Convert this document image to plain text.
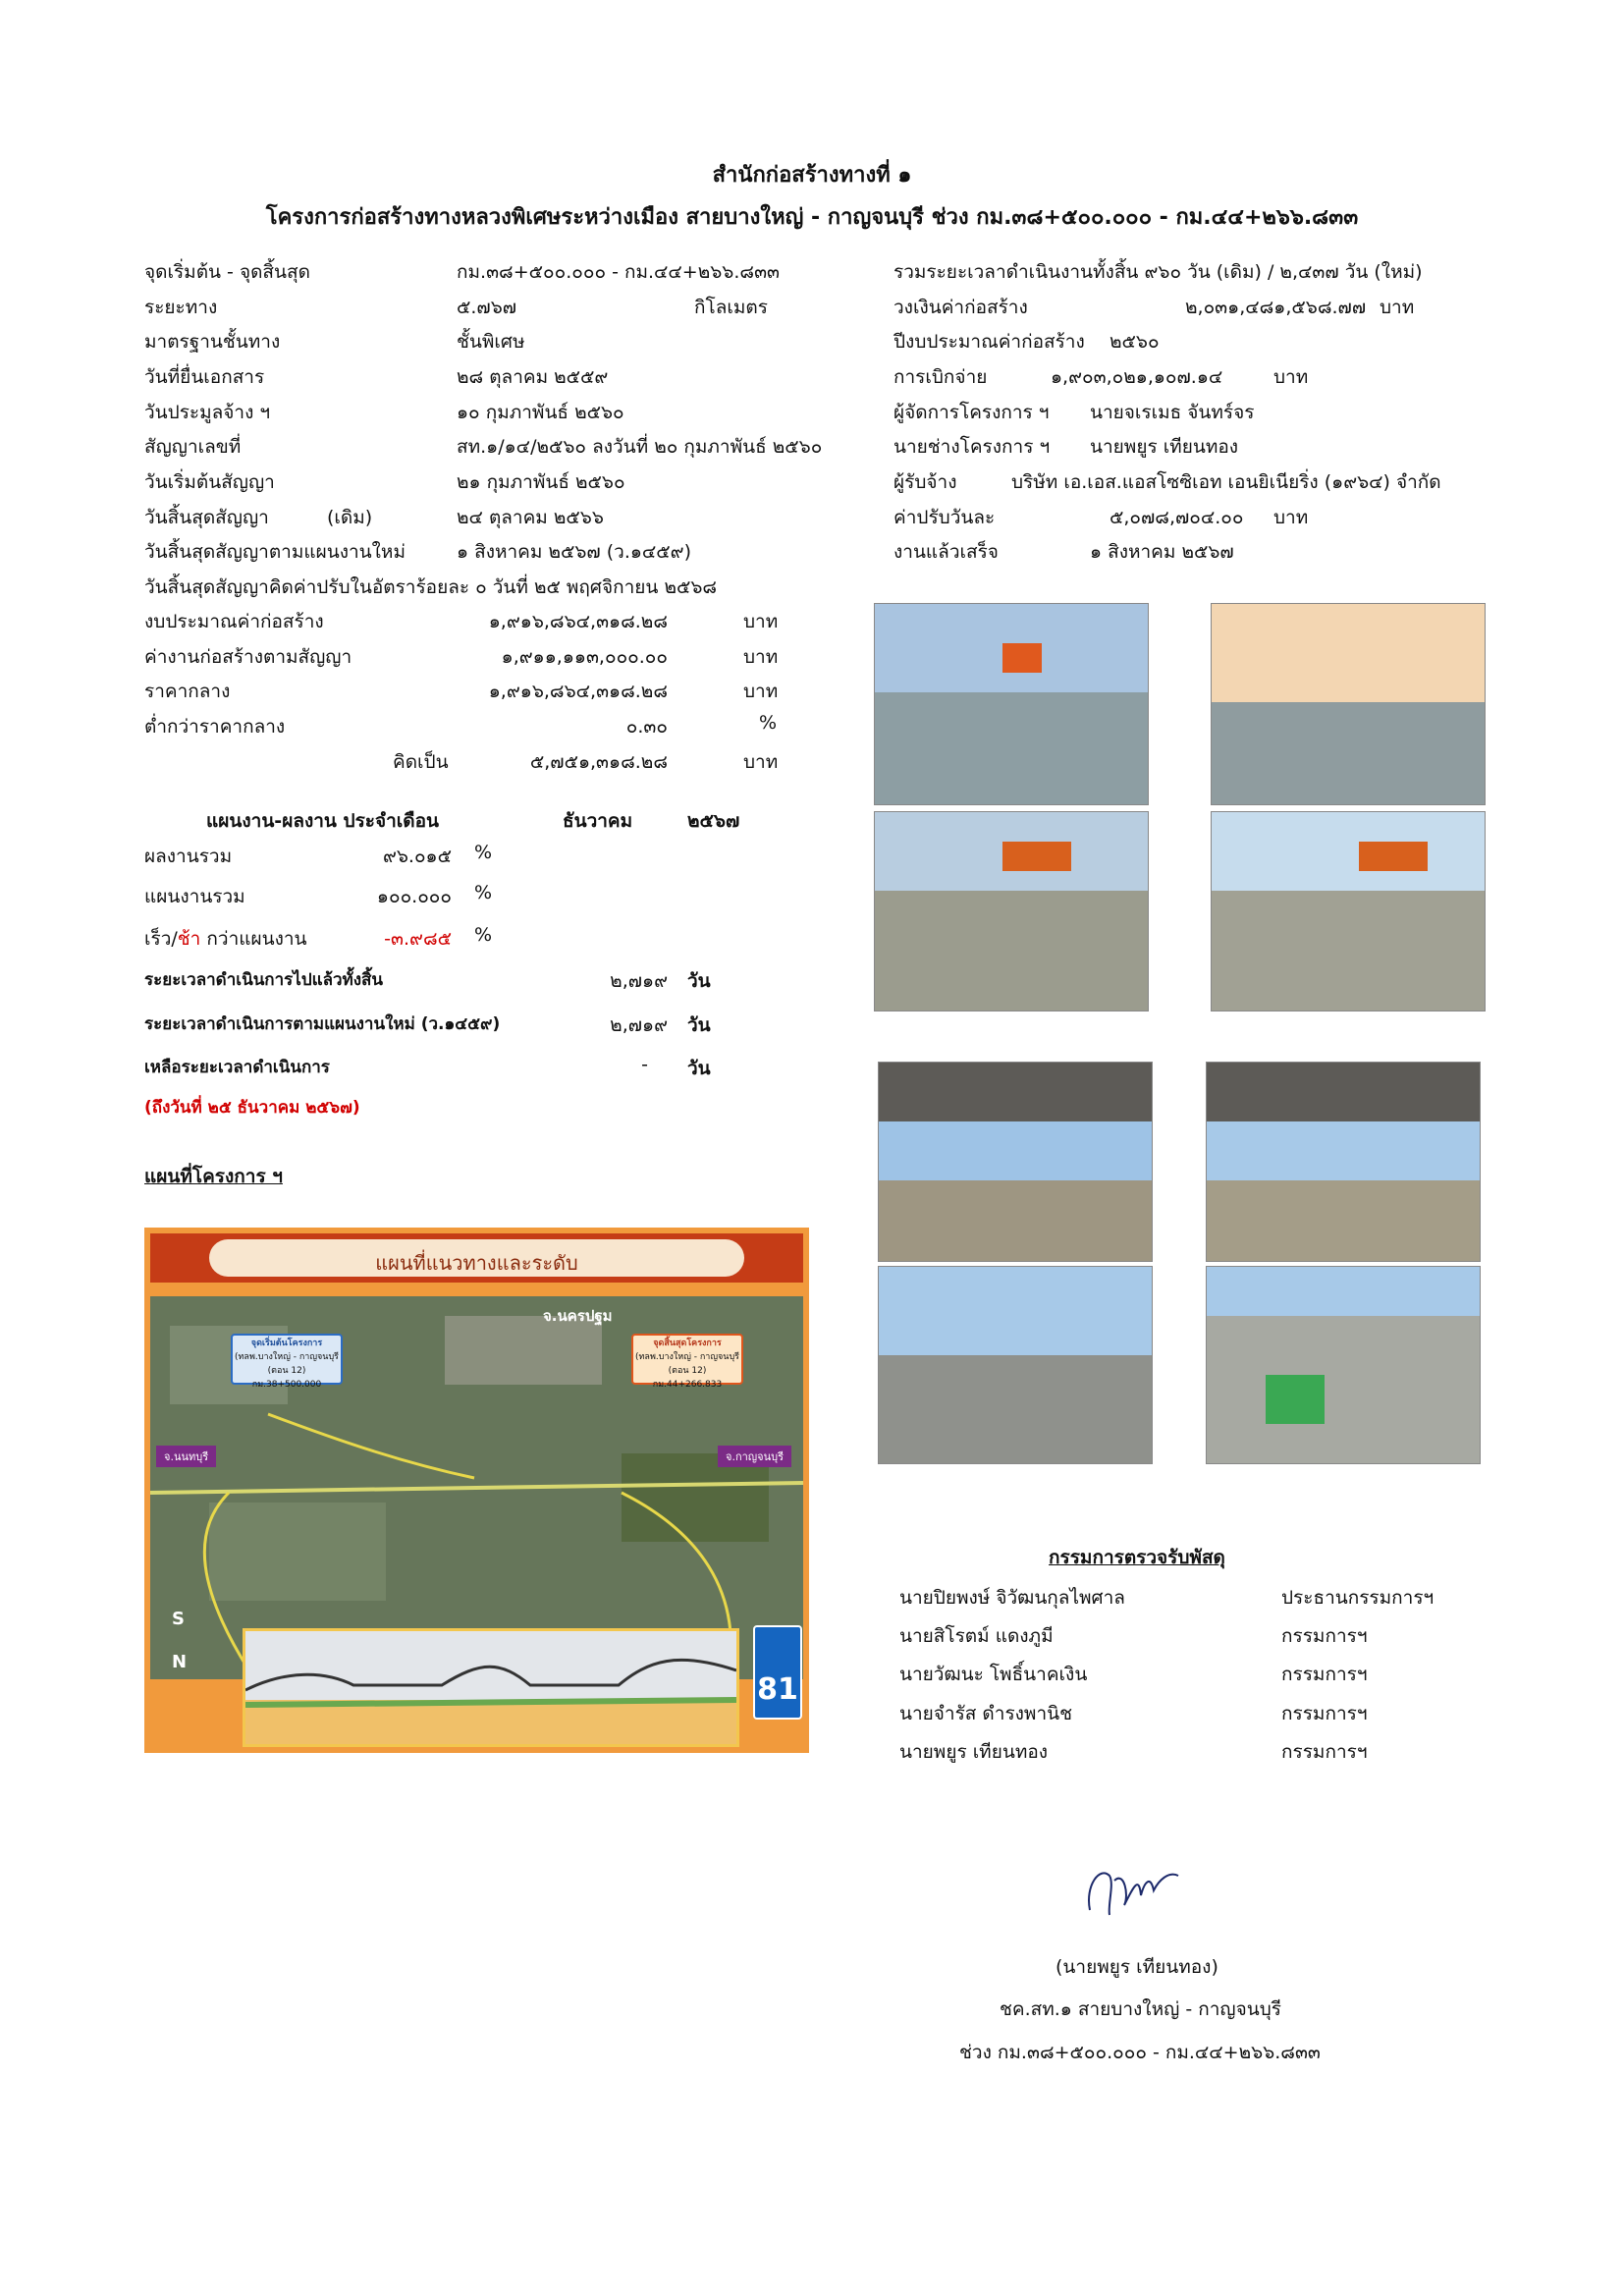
สำนักก่อสร้างทางที่ ๑
โครงการก่อสร้างทางหลวงพิเศษระหว่างเมือง สายบางใหญ่ - กาญจนบุรี ช่วง กม.๓๘+๕๐๐.๐๐๐ - กม.๔๔+๒๖๖.๘๓๓
จุดเริ่มต้น - จุดสิ้นสุด	กม.๓๘+๕๐๐.๐๐๐ - กม.๔๔+๒๖๖.๘๓๓
ระยะทาง	๕.๗๖๗	กิโลเมตร
มาตรฐานชั้นทาง	ชั้นพิเศษ
วันที่ยื่นเอกสาร	๒๘ ตุลาคม ๒๕๕๙
วันประมูลจ้าง ฯ	๑๐ กุมภาพันธ์ ๒๕๖๐
สัญญาเลขที่	สท.๑/๑๔/๒๕๖๐ ลงวันที่ ๒๐ กุมภาพันธ์ ๒๕๖๐
วันเริ่มต้นสัญญา	๒๑ กุมภาพันธ์ ๒๕๖๐
วันสิ้นสุดสัญญา	(เดิม)	๒๔ ตุลาคม ๒๕๖๖
วันสิ้นสุดสัญญาตามแผนงานใหม่	๑ สิงหาคม ๒๕๖๗ (ว.๑๔๕๙)
วันสิ้นสุดสัญญาคิดค่าปรับในอัตราร้อยละ ๐ วันที่ ๒๕ พฤศจิกายน ๒๕๖๘
งบประมาณค่าก่อสร้าง	๑,๙๑๖,๘๖๔,๓๑๘.๒๘	บาท
ค่างานก่อสร้างตามสัญญา	๑,๙๑๑,๑๑๓,๐๐๐.๐๐	บาท
ราคากลาง	๑,๙๑๖,๘๖๔,๓๑๘.๒๘	บาท
ต่ำกว่าราคากลาง	๐.๓๐	%
คิดเป็น	๕,๗๕๑,๓๑๘.๒๘	บาท
แผนงาน-ผลงาน ประจำเดือน	ธันวาคม	๒๕๖๗
ผลงานรวม	๙๖.๐๑๕ %
แผนงานรวม	๑๐๐.๐๐๐ %
เร็ว/ช้า กว่าแผนงาน	-๓.๙๘๕ %
ระยะเวลาดำเนินการไปแล้วทั้งสิ้น	๒,๗๑๙ วัน
ระยะเวลาดำเนินการตามแผนงานใหม่ (ว.๑๔๕๙)	๒,๗๑๙ วัน
เหลือระยะเวลาดำเนินการ	- วัน
(ถึงวันที่ ๒๕ ธันวาคม ๒๕๖๗)
แผนที่โครงการ ฯ
แผนที่แนวทางและระดับ
จ.นครปฐม
จุดเริ่มต้นโครงการ
(ทลพ.บางใหญ่ - กาญจนบุรี (ตอน 12)
กม.38+500.000
จุดสิ้นสุดโครงการ
(ทลพ.บางใหญ่ - กาญจนบุรี (ตอน 12)
กม.44+266.833
จ.นนทบุรี	จ.กาญจนบุรี
S
N
81
รวมระยะเวลาดำเนินงานทั้งสิ้น ๙๖๐ วัน (เดิม) / ๒,๔๓๗ วัน (ใหม่)
วงเงินค่าก่อสร้าง	๒,๐๓๑,๔๘๑,๕๖๘.๗๗ บาท
ปีงบประมาณค่าก่อสร้าง ๒๕๖๐
การเบิกจ่าย	๑,๙๐๓,๐๒๑,๑๐๗.๑๔	บาท
ผู้จัดการโครงการ ฯ นายจเรเมธ จันทร์จร
นายช่างโครงการ ฯ นายพยูร เทียนทอง
ผู้รับจ้าง	บริษัท เอ.เอส.แอสโซซิเอท เอนยิเนียริ่ง (๑๙๖๔) จำกัด
ค่าปรับวันละ	๕,๐๗๘,๗๐๔.๐๐ บาท
งานแล้วเสร็จ	๑ สิงหาคม ๒๕๖๗
กรรมการตรวจรับพัสดุ
นายปิยพงษ์ จิวัฒนกุลไพศาล	ประธานกรรมการฯ
นายสิโรตม์ แดงภูมี	กรรมการฯ
นายวัฒนะ โพธิ์นาคเงิน	กรรมการฯ
นายจำรัส ดำรงพานิช	กรรมการฯ
นายพยูร เทียนทอง	กรรมการฯ
(นายพยูร เทียนทอง)
ชค.สท.๑ สายบางใหญ่ - กาญจนบุรี
ช่วง กม.๓๘+๕๐๐.๐๐๐ - กม.๔๔+๒๖๖.๘๓๓
